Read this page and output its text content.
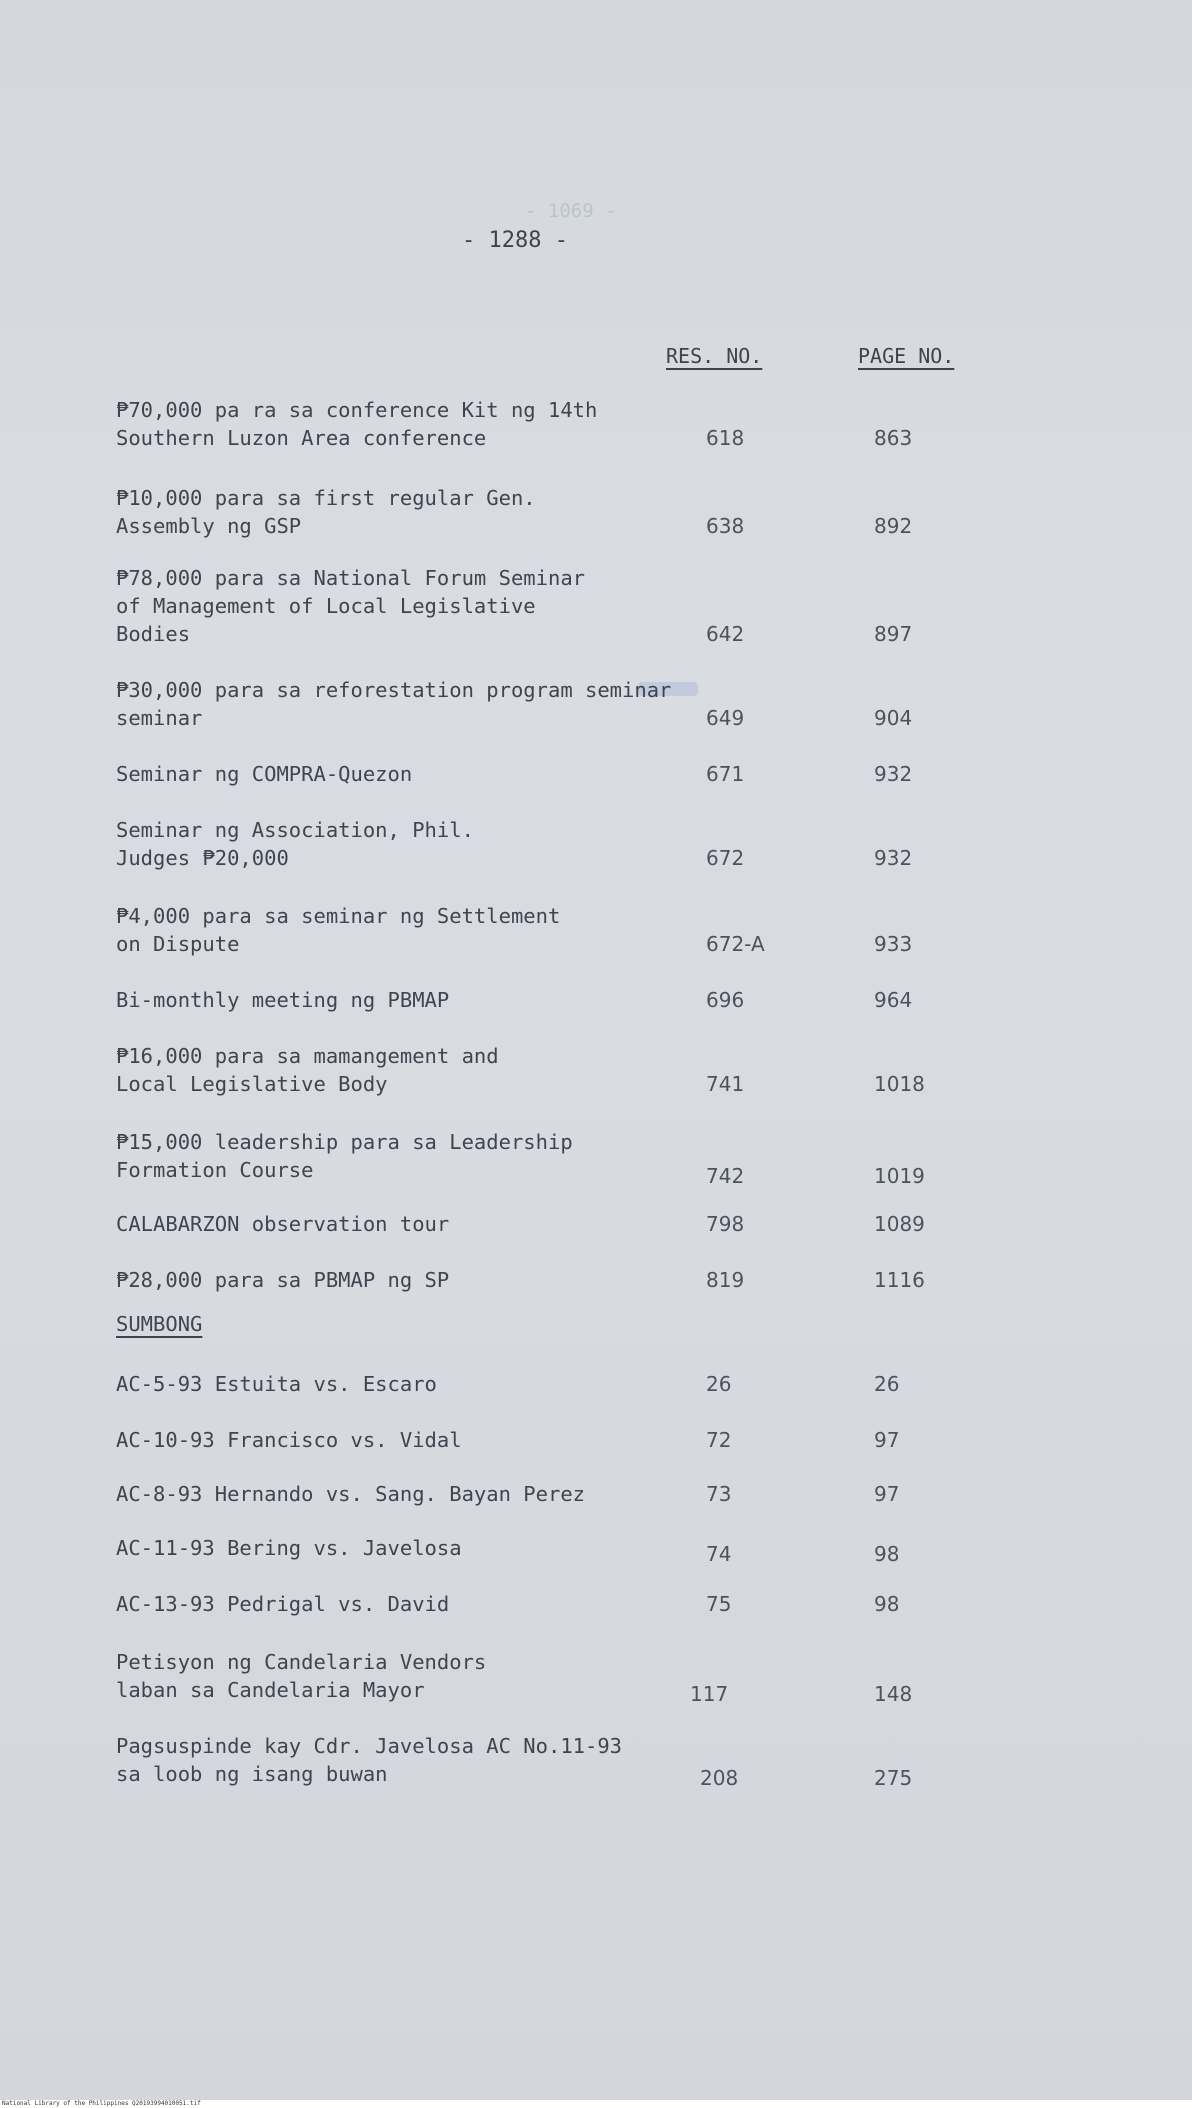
- 1069 -
- 1288 -
RES. NO.	PAGE NO.
₱70,000 pa ra sa conference Kit ng 14th
Southern Luzon Area conference	618	863
₱10,000 para sa first regular Gen.
Assembly ng GSP	638	892
₱78,000 para sa National Forum Seminar
of Management of Local Legislative
Bodies	642	897
₱30,000 para sa reforestation program seminar
seminar	649	904
Seminar ng COMPRA-Quezon	671	932
Seminar ng Association, Phil.
Judges ₱20,000	672	932
₱4,000 para sa seminar ng Settlement
on Dispute	672-A	933
Bi-monthly meeting ng PBMAP	696	964
₱16,000 para sa mamangement and
Local Legislative Body	741	1018
₱15,000 leadership para sa Leadership
Formation Course	742	1019
CALABARZON observation tour	798	1089
₱28,000 para sa PBMAP ng SP	819	1116
SUMBONG
AC-5-93 Estuita vs. Escaro	26	26
AC-10-93 Francisco vs. Vidal	72	97
AC-8-93 Hernando vs. Sang. Bayan Perez	73	97
AC-11-93 Bering vs. Javelosa	74	98
AC-13-93 Pedrigal vs. David	75	98
Petisyon ng Candelaria Vendors
laban sa Candelaria Mayor	117	148
Pagsuspinde kay Cdr. Javelosa AC No.11-93
sa loob ng isang buwan	208	275
National Library of the Philippines Q20193994010051.tif
